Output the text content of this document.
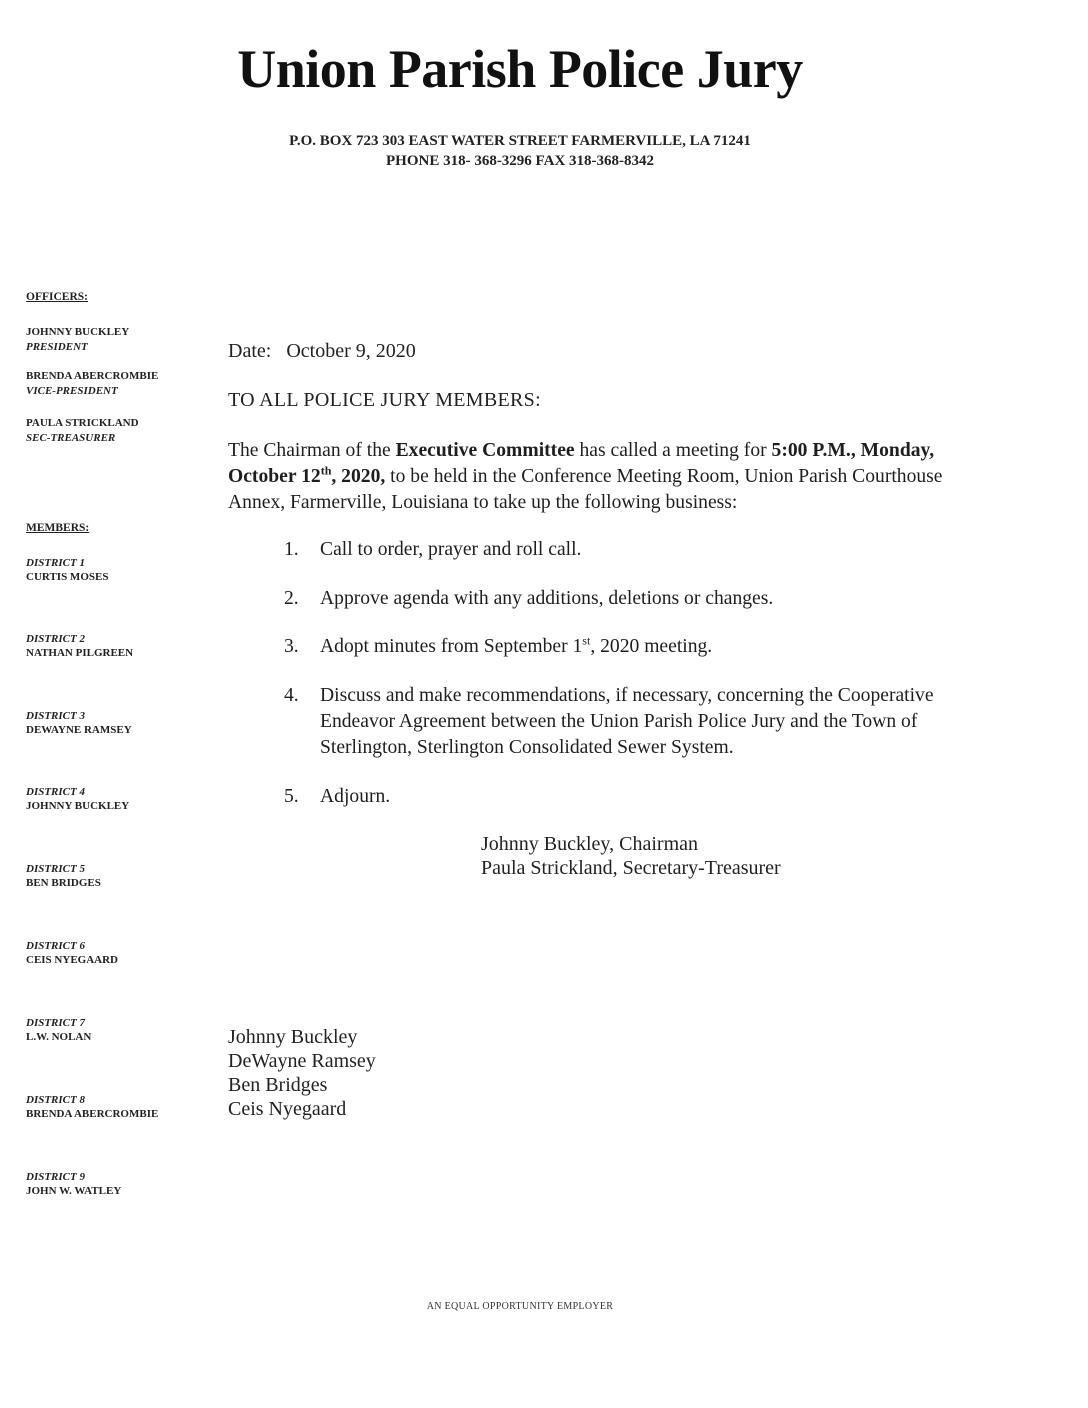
Union Parish Police Jury
P.O. BOX 723 303 EAST WATER STREET FARMERVILLE, LA 71241
PHONE 318- 368-3296 FAX 318-368-8342
OFFICERS:
JOHNNY BUCKLEY
PRESIDENT
BRENDA ABERCROMBIE
VICE-PRESIDENT
PAULA STRICKLAND
SEC-TREASURER
MEMBERS:
DISTRICT 1
CURTIS MOSES
DISTRICT 2
NATHAN PILGREEN
DISTRICT 3
DEWAYNE RAMSEY
DISTRICT 4
JOHNNY BUCKLEY
DISTRICT 5
BEN BRIDGES
DISTRICT 6
CEIS NYEGAARD
DISTRICT 7
L.W. NOLAN
DISTRICT 8
BRENDA ABERCROMBIE
DISTRICT 9
JOHN W. WATLEY
Date: October 9, 2020
TO ALL POLICE JURY MEMBERS:
The Chairman of the Executive Committee has called a meeting for 5:00 P.M., Monday, October 12th, 2020, to be held in the Conference Meeting Room, Union Parish Courthouse Annex, Farmerville, Louisiana to take up the following business:
1. Call to order, prayer and roll call.
2. Approve agenda with any additions, deletions or changes.
3. Adopt minutes from September 1st, 2020 meeting.
4. Discuss and make recommendations, if necessary, concerning the Cooperative Endeavor Agreement between the Union Parish Police Jury and the Town of Sterlington, Sterlington Consolidated Sewer System.
5. Adjourn.
Johnny Buckley, Chairman
Paula Strickland, Secretary-Treasurer
Johnny Buckley
DeWayne Ramsey
Ben Bridges
Ceis Nyegaard
AN EQUAL OPPORTUNITY EMPLOYER
